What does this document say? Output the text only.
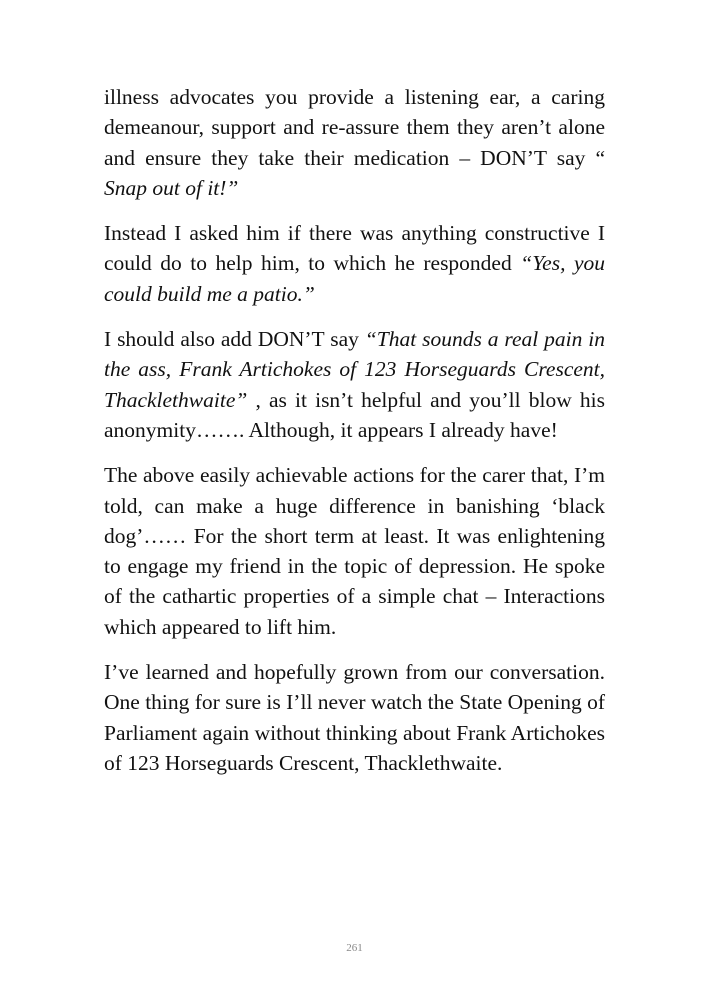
illness advocates you provide a listening ear, a caring demeanour, support and re-assure them they aren’t alone and ensure they take their medication – DON’T say “ Snap out of it!”

Instead I asked him if there was anything constructive I could do to help him, to which he responded “Yes, you could build me a patio.”

I should also add DON’T say “That sounds a real pain in the ass, Frank Artichokes of 123 Horseguards Crescent, Thacklethwaite” , as it isn’t helpful and you’ll blow his anonymity……. Although, it appears I already have!

The above easily achievable actions for the carer that, I’m told, can make a huge difference in banishing ‘black dog’…… For the short term at least. It was enlightening to engage my friend in the topic of depression. He spoke of the cathartic properties of a simple chat – Interactions which appeared to lift him.

I’ve learned and hopefully grown from our conversation. One thing for sure is I’ll never watch the State Opening of Parliament again without thinking about Frank Artichokes of 123 Horseguards Crescent, Thacklethwaite.

261
